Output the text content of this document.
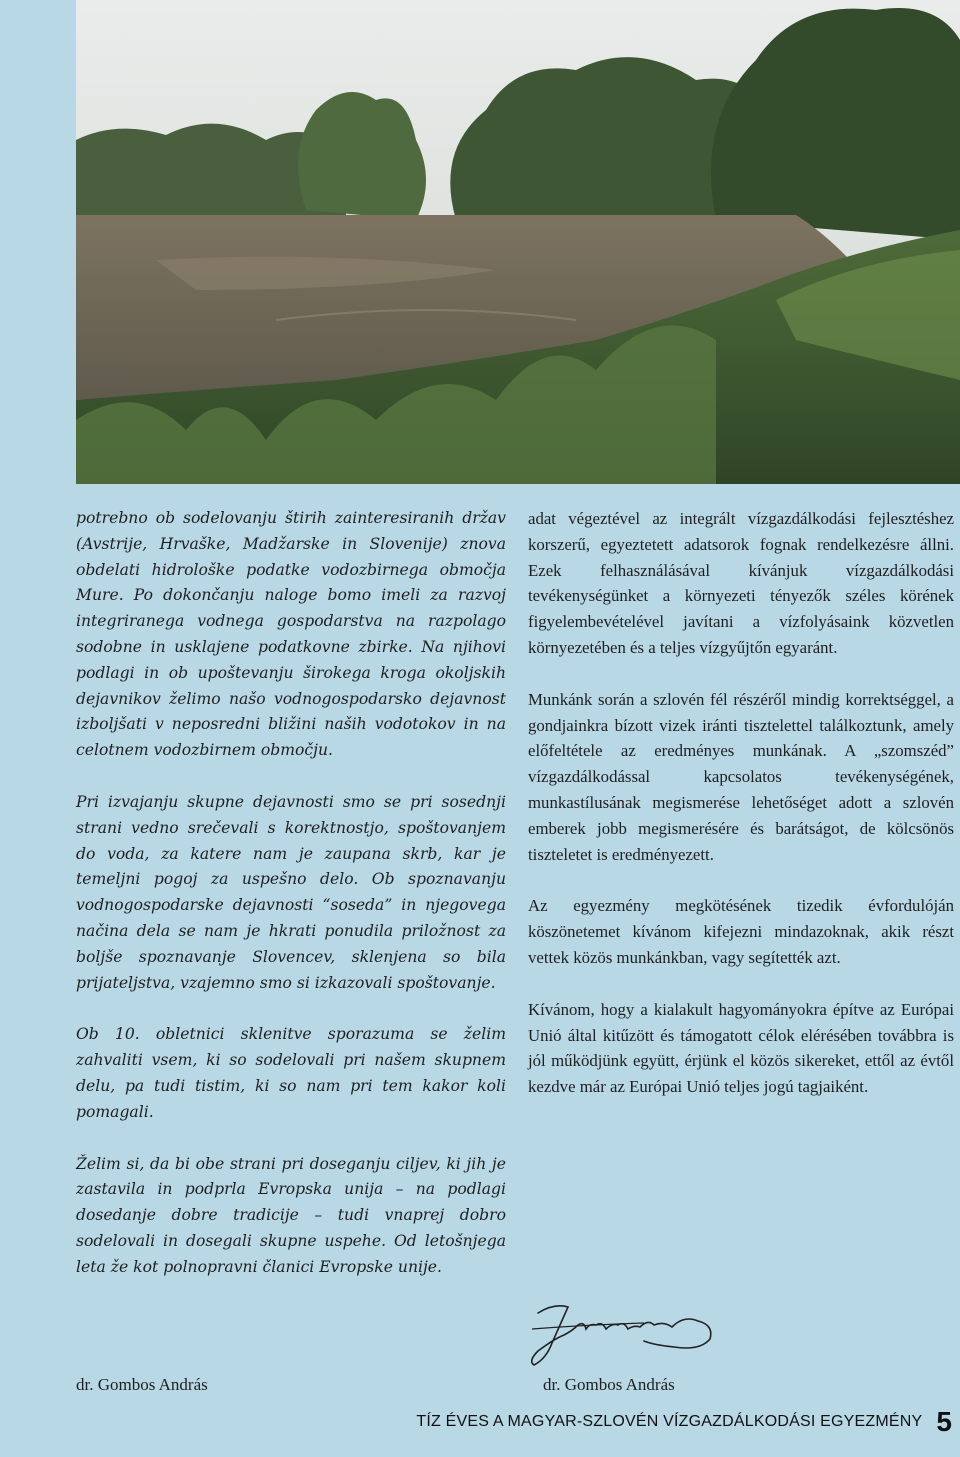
potrebno ob sodelovanju štirih zainteresiranih držav (Avstrije, Hrvaške, Madžarske in Slovenije) znova obdelati hidrološke podatke vodozbirnega območja Mure. Po dokončanju naloge bomo imeli za razvoj integriranega vodnega gospodarstva na razpolago sodobne in usklajene podatkovne zbirke. Na njihovi podlagi in ob upoštevanju širokega kroga okoljskih dejavnikov želimo našo vodnogospodarsko dejavnost izboljšati v neposredni bližini naših vodotokov in na celotnem vodozbirnem območju.

Pri izvajanju skupne dejavnosti smo se pri sosednji strani vedno srečevali s korektnostjo, spoštovanjem do voda, za katere nam je zaupana skrb, kar je temeljni pogoj za uspešno delo. Ob spoznavanju vodnogospodarske dejavnosti “soseda” in njegovega načina dela se nam je hkrati ponudila priložnost za boljše spoznavanje Slovencev, sklenjena so bila prijateljstva, vzajemno smo si izkazovali spoštovanje.

Ob 10. obletnici sklenitve sporazuma se želim zahvaliti vsem, ki so sodelovali pri našem skupnem delu, pa tudi tistim, ki so nam pri tem kakor koli pomagali.

Želim si, da bi obe strani pri doseganju ciljev, ki jih je zastavila in podprla Evropska unija – na podlagi dosedanje dobre tradicije – tudi vnaprej dobro sodelovali in dosegali skupne uspehe. Od letošnjega leta že kot polnopravni članici Evropske unije.

adat végeztével az integrált vízgazdálkodási fejlesztéshez korszerű, egyeztetett adatsorok fognak rendelkezésre állni. Ezek felhasználásával kívánjuk vízgazdálkodási tevékenységünket a környezeti tényezők széles körének figyelembevételével javítani a vízfolyásaink közvetlen környezetében és a teljes vízgyűjtőn egyaránt.

Munkánk során a szlovén fél részéről mindig korrektséggel, a gondjainkra bízott vizek iránti tisztelettel találkoztunk, amely előfeltétele az eredményes munkának. A „szomszéd” vízgazdálkodással kapcsolatos tevékenységének, munkastílusának megismerése lehetőséget adott a szlovén emberek jobb megismerésére és barátságot, de kölcsönös tiszteletet is eredményezett.

Az egyezmény megkötésének tizedik évfordulóján köszönetemet kívánom kifejezni mindazoknak, akik részt vettek közös munkánkban, vagy segítették azt.

Kívánom, hogy a kialakult hagyományokra építve az Európai Unió által kitűzött és támogatott célok elérésében továbbra is jól működjünk együtt, érjünk el közös sikereket, ettől az évtől kezdve már az Európai Unió teljes jogú tagjaiként.

dr. Gombos András	dr. Gombos András
TÍZ ÉVES A MAGYAR-SZLOVÉN VÍZGAZDÁLKODÁSI EGYEZMÉNY 5
